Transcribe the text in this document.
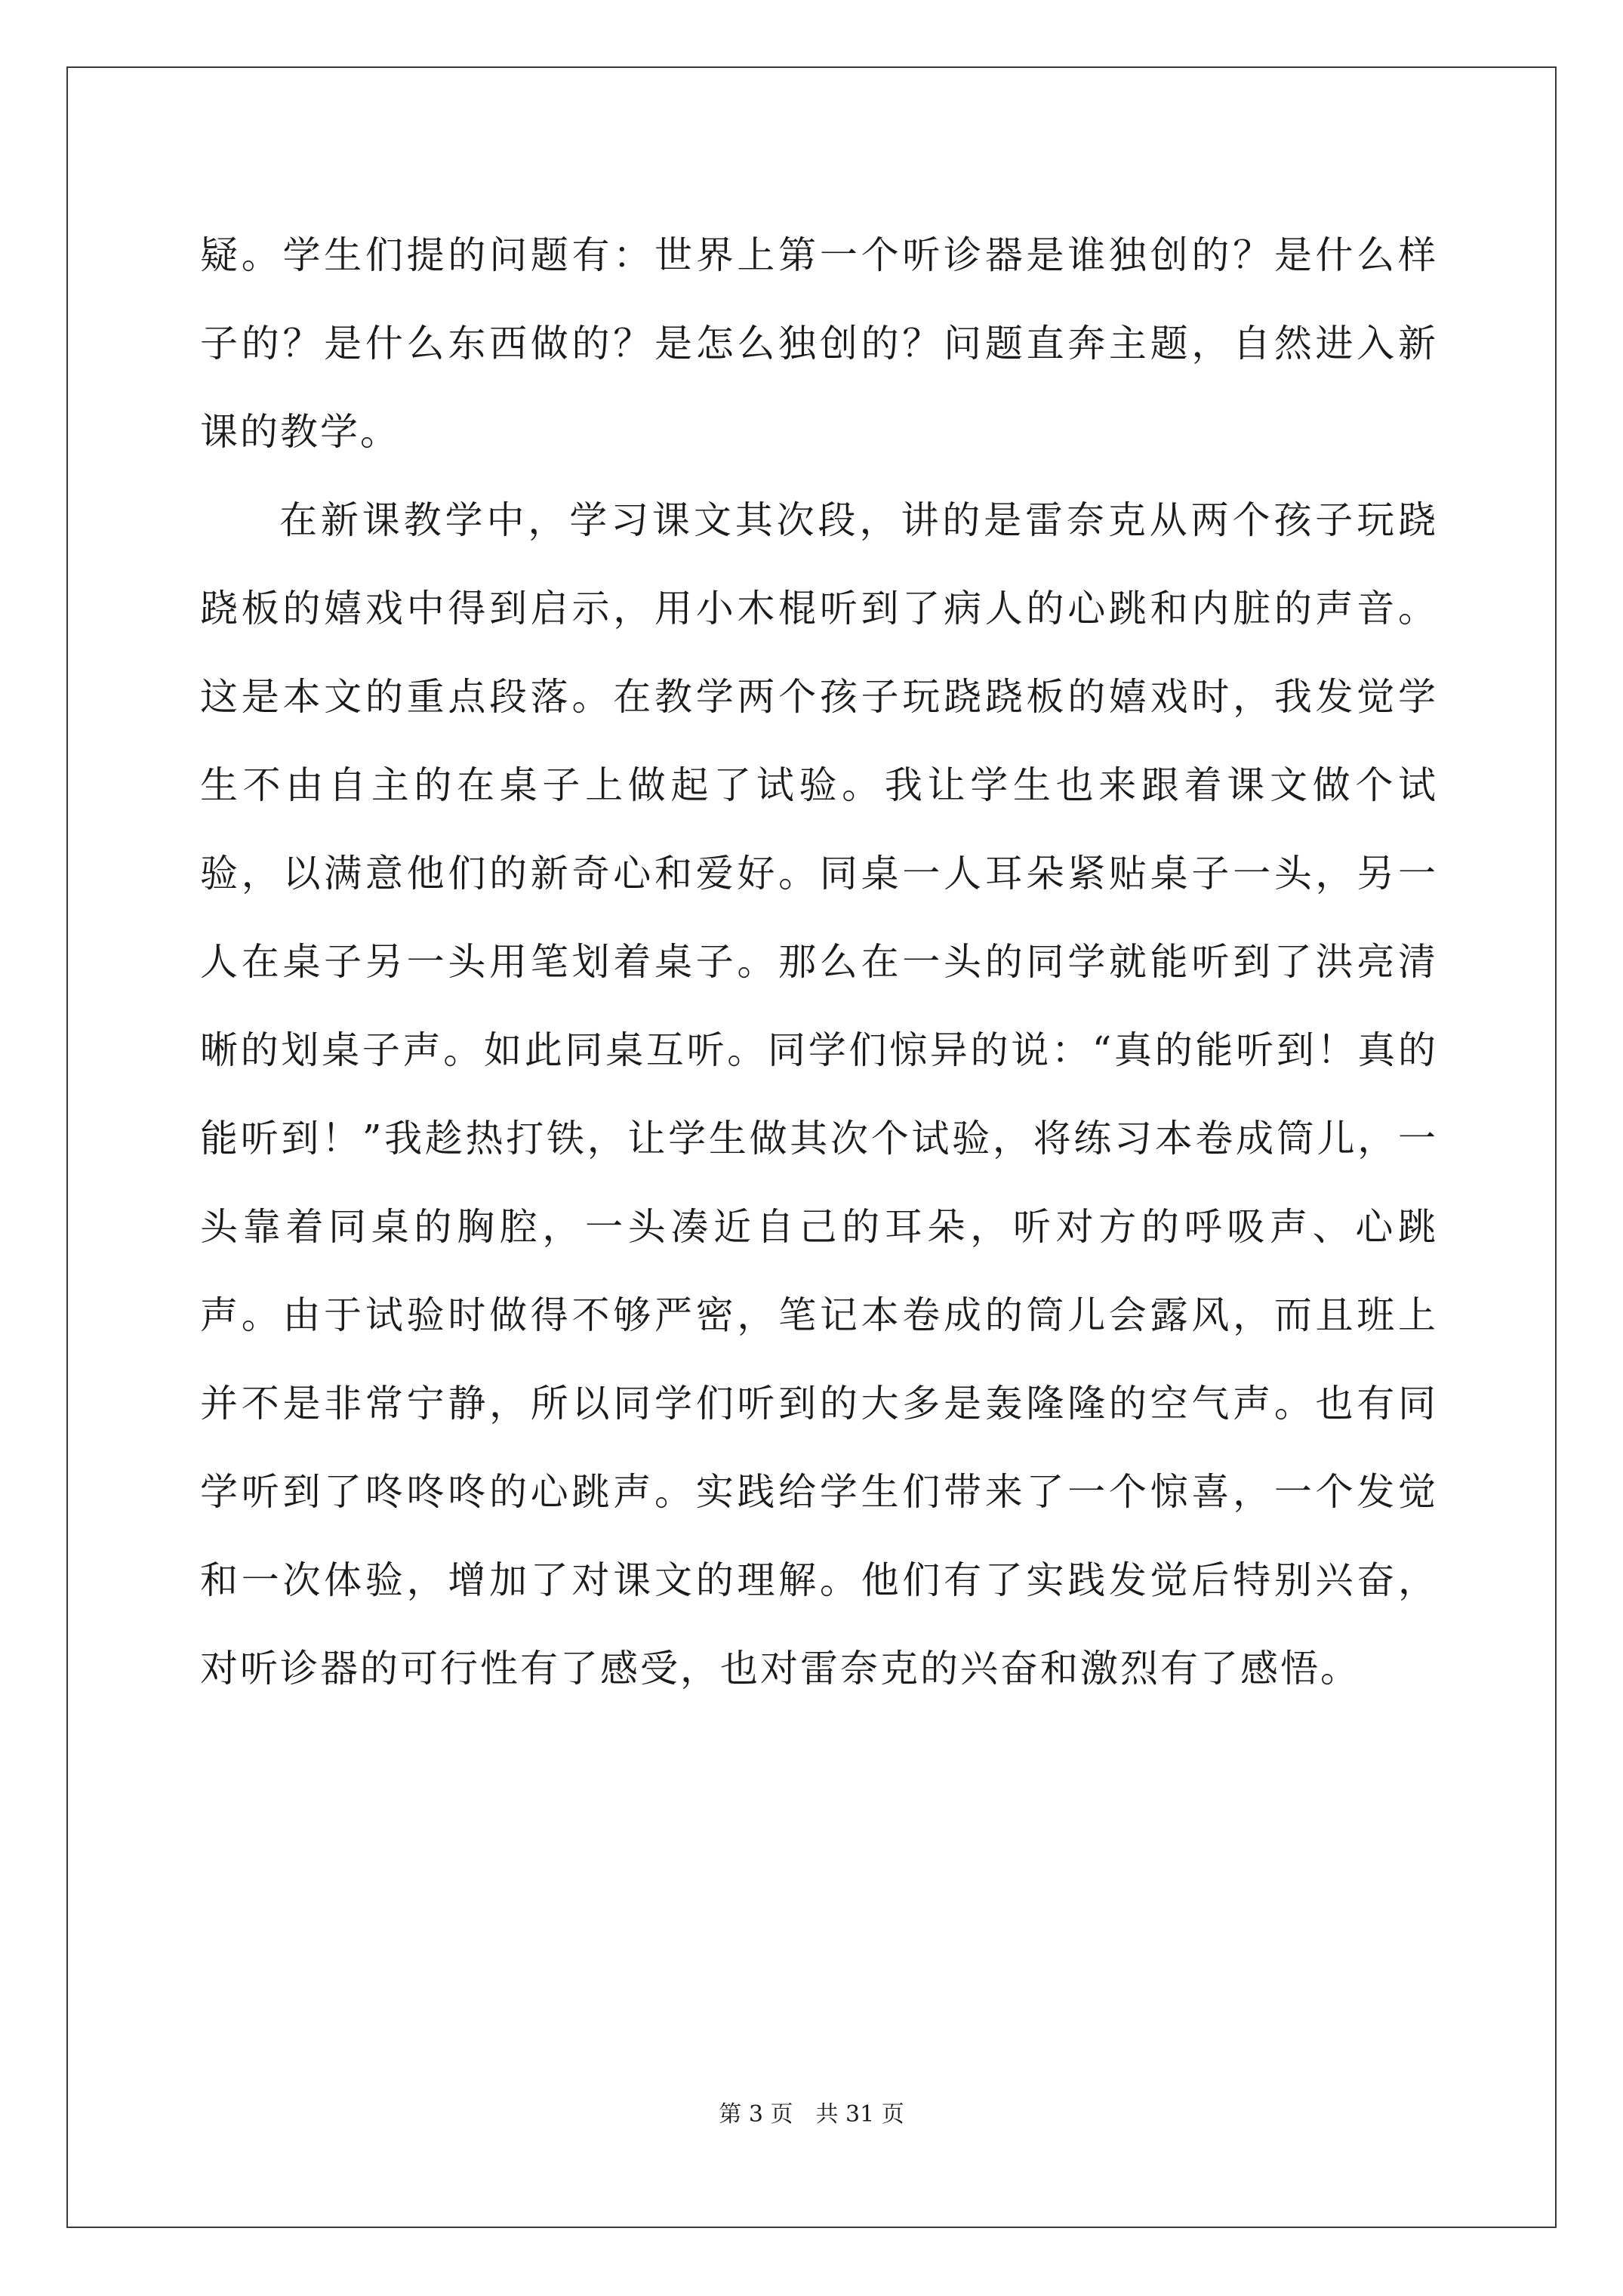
疑。学生们提的问题有：世界上第一个听诊器是谁独创的？是什么样子的？是什么东西做的？是怎么独创的？问题直奔主题，自然进入新课的教学。

在新课教学中，学习课文其次段，讲的是雷奈克从两个孩子玩跷跷板的嬉戏中得到启示，用小木棍听到了病人的心跳和内脏的声音。这是本文的重点段落。在教学两个孩子玩跷跷板的嬉戏时，我发觉学生不由自主的在桌子上做起了试验。我让学生也来跟着课文做个试验，以满意他们的新奇心和爱好。同桌一人耳朵紧贴桌子一头，另一人在桌子另一头用笔划着桌子。那么在一头的同学就能听到了洪亮清晰的划桌子声。如此同桌互听。同学们惊异的说：“真的能听到！真的能听到！”我趁热打铁，让学生做其次个试验，将练习本卷成筒儿，一头靠着同桌的胸腔，一头凑近自己的耳朵，听对方的呼吸声、心跳声。由于试验时做得不够严密，笔记本卷成的筒儿会露风，而且班上并不是非常宁静，所以同学们听到的大多是轰隆隆的空气声。也有同学听到了咚咚咚的心跳声。实践给学生们带来了一个惊喜，一个发觉和一次体验，增加了对课文的理解。他们有了实践发觉后特别兴奋，对听诊器的可行性有了感受，也对雷奈克的兴奋和激烈有了感悟。

第 3 页 共 31 页
